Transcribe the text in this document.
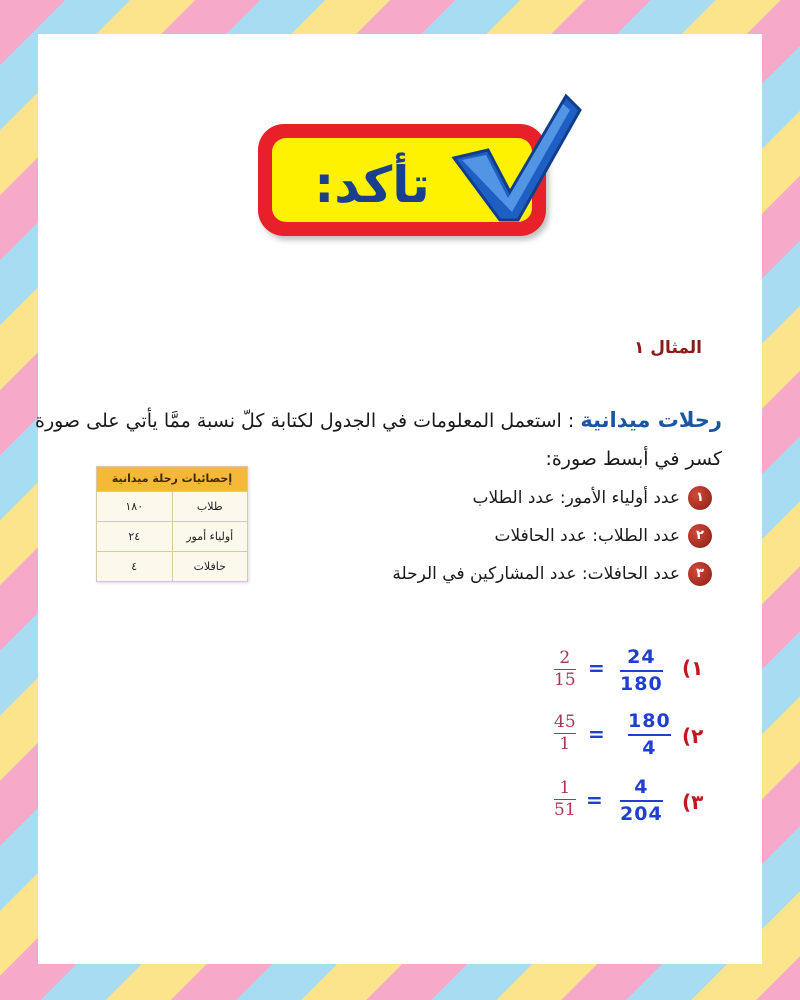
تأكد:
المثال ١
رحلات ميدانية : استعمل المعلومات في الجدول لكتابة كلّ نسبة ممَّا يأتي على صورة
كسر في أبسط صورة:
١
عدد أولياء الأمور: عدد الطلاب
٢
عدد الطلاب: عدد الحافلات
٣
عدد الحافلات: عدد المشاركين في الرحلة
إحصائيات رحلة ميدانية
طلاب
١٨٠
أولياء أمور
٢٤
حافلات
٤
2
15 = 24
180
١)
45
1 =
180
4 ٢)
1
51 =
4
204 ٣)
